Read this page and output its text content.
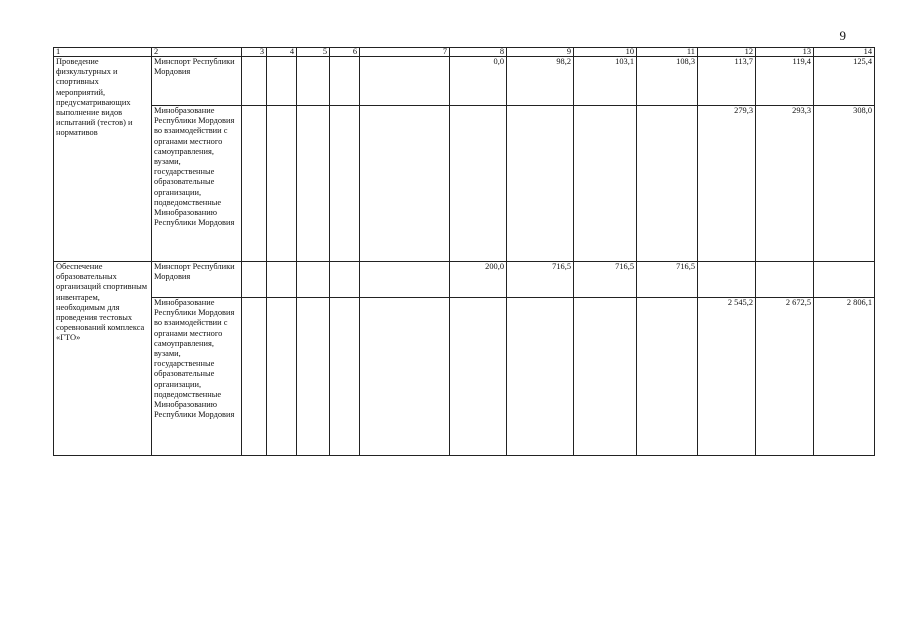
9
1	2	3	4	5	6	7	8	9	10	11	12	13	14
Проведение физкультурных и спортивных мероприятий, предусматривающих выполнение видов испытаний (тестов) и нормативов	Минспорт Республики Мордовия						0,0	98,2	103,1	108,3	113,7	119,4	125,4
	Минобразование Республики Мордовия во взаимодействии с органами местного самоуправления, вузами, государственные образовательные организации, подведомственные Минобразованию Республики Мордовия										279,3	293,3	308,0
Обеспечение образовательных организаций спортивным инвентарем, необходимым для проведения тестовых соревнований комплекса «ГТО»	Минспорт Республики Мордовия						200,0	716,5	716,5	716,5			
	Минобразование Республики Мордовия во взаимодействии с органами местного самоуправления, вузами, государственные образовательные организации, подведомственные Минобразованию Республики Мордовия										2 545,2	2 672,5	2 806,1
